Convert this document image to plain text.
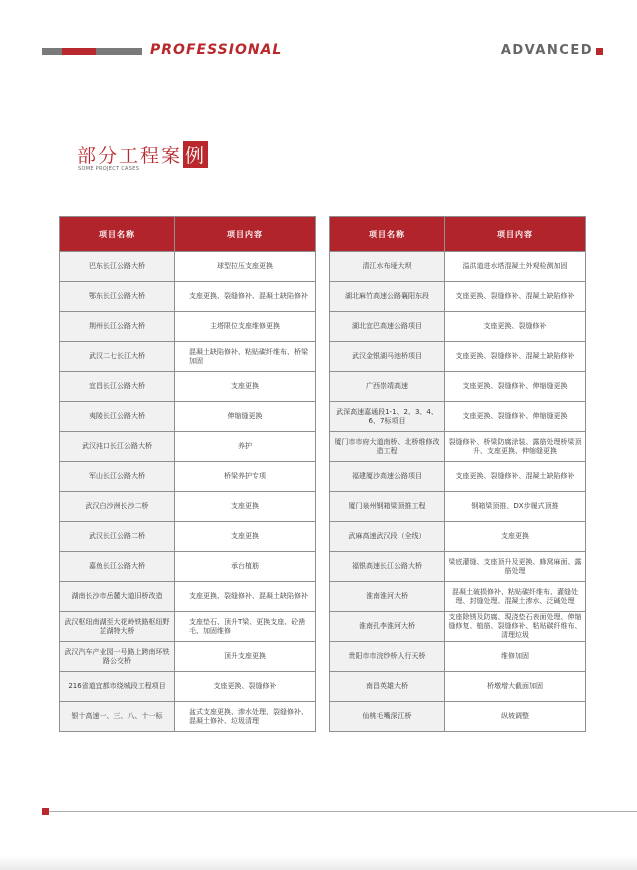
PROFESSIONAL	ADVANCED
部分工程案 例
SOME PROJECT CASES
项目名称	项目内容
巴东长江公路大桥	球型拉压支座更换
鄂东长江公路大桥	支座更换、裂缝修补、混凝土缺陷修补
荆州长江公路大桥	主塔限位支座维修更换
武汉二七长江大桥	混凝土缺陷修补、粘贴碳纤维布、桥梁加固
宜昌长江公路大桥	支座更换
夷陵长江公路大桥	伸缩缝更换
武汉沌口长江公路大桥	养护
军山长江公路大桥	桥梁养护专项
武汉白沙洲长沙二桥	支座更换
武汉长江公路二桥	支座更换
嘉鱼长江公路大桥	承台植筋
湖南长沙市岳麓大道旧桥改造	支座更换、裂缝修补、混凝土缺陷修补
武汉枢纽南湖至大花岭铁路枢纽野芷湖特大桥	支座垫石、顶升T梁、更换支座、砼凿毛、加固维修
武汉汽车产业园一号路上跨南环铁路公交桥	顶升支座更换
216省道宜都市绕城段工程项目	支座更换、裂缝修补
银十高速一、三、八、十一标	盆式支座更换、渗水处理、裂缝修补、混凝土修补、垃圾清理
项目名称	项目内容
清江水布垭大坝	溢洪道进水塔混凝土外观检测加固
湖北麻竹高速公路襄阳东段	支座更换、裂缝修补、混凝土缺陷修补
湖北宜巴高速公路项目	支座更换、裂缝修补
武汉金银湖马池桥项目	支座更换、裂缝修补、混凝土缺陷修补
广西崇靖高速	支座更换、裂缝修补、伸缩缝更换
武深高速嘉通段1-1、2、3、4、6、7标项目	支座更换、裂缝修补、伸缩缝更换
厦门市市府大道南桥、北桥维修改造工程	裂缝修补、桥梁防腐涂装、露筋处理桥梁顶升、支座更换、伸缩缝更换
福建厦沙高速公路项目	支座更换、裂缝修补、混凝土缺陷修补
厦门泉州钢箱梁顶推工程	钢箱梁顶推、DX步履式顶推
武麻高速武汉段（全线）	支座更换
福银高速长江公路大桥	梁底灌缝、支座顶升及更换、蜂窝麻面、露筋处理
淮南淮河大桥	混凝土破损修补、粘贴碳纤维布、灌缝处理、封缝处理、混凝土渗水、泛碱处理
淮南孔李淮河大桥	支座除锈及防腐、現浇垫石表面处理、伸缩缝修复、植筋、裂缝修补、粘贴碳纤维布、清理垃圾
贵阳市市浣纱桥人行天桥	维修加固
南昌英雄大桥	桥墩增大截面加固
仙桃毛嘴深江桥	纵坡调整
